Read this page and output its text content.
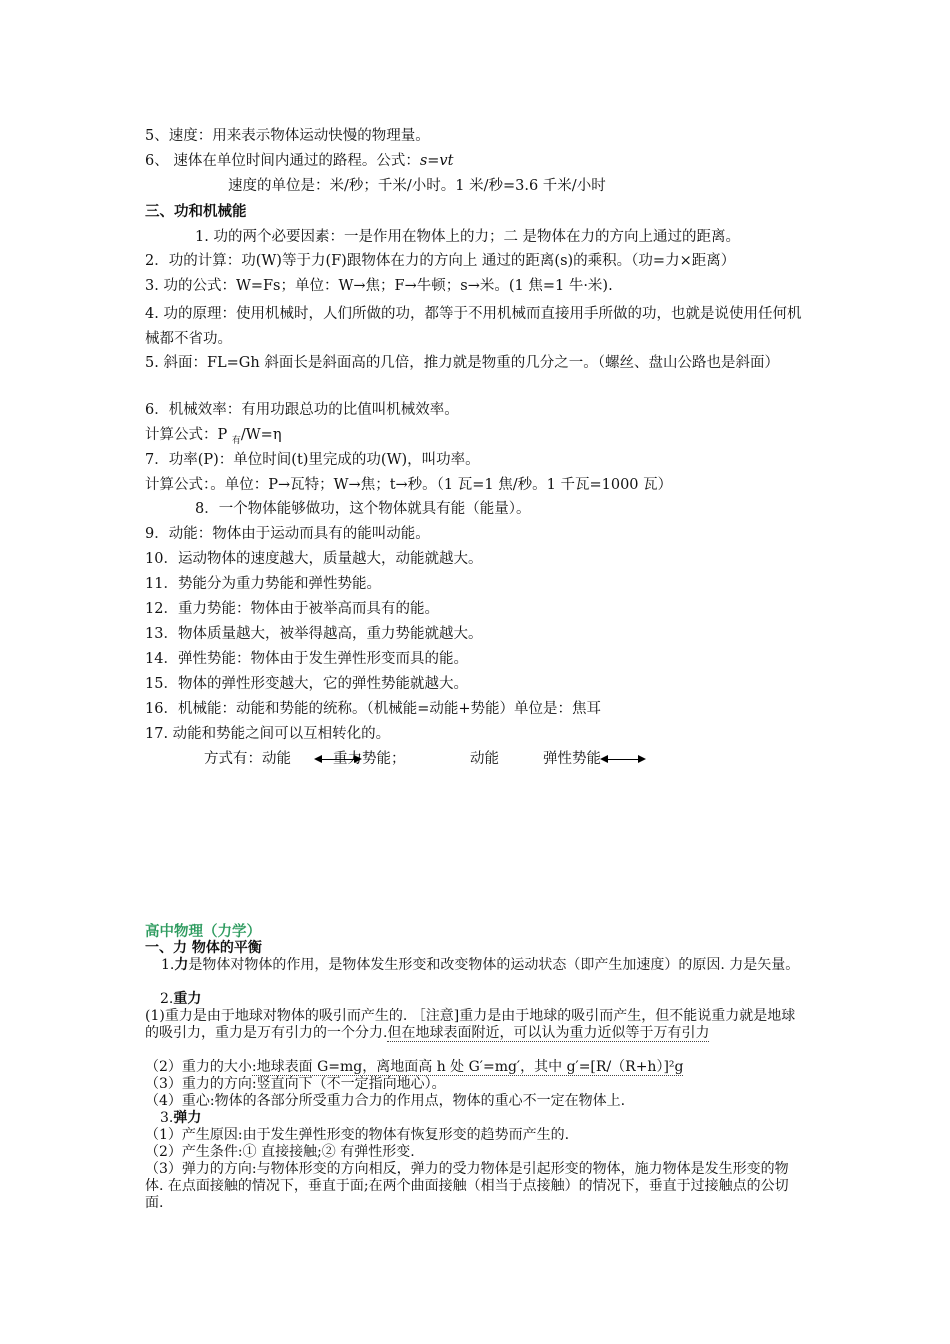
5、速度：用来表示物体运动快慢的物理量。
6、 速体在单位时间内通过的路程。公式：s=vt
速度的单位是：米/秒；千米/小时。1 米/秒=3.6 千米/小时
三、功和机械能
1. 功的两个必要因素：一是作用在物体上的力；二 是物体在力的方向上通过的距离。
2．功的计算：功(W)等于力(F)跟物体在力的方向上 通过的距离(s)的乘积。（功=力×距离）
3. 功的公式：W=Fs；单位：W→焦；F→牛顿；s→米。(1 焦=1 牛·米).
4. 功的原理：使用机械时，人们所做的功，都等于不用机械而直接用手所做的功，也就是说使用任何机械都不省功。
5. 斜面：FL=Gh 斜面长是斜面高的几倍，推力就是物重的几分之一。（螺丝、盘山公路也是斜面）
6．机械效率：有用功跟总功的比值叫机械效率。
计算公式：P $_有$/W=η
7．功率(P)：单位时间(t)里完成的功(W)，叫功率。
计算公式：。单位：P→瓦特；W→焦；t→秒。（1 瓦=1 焦/秒。1 千瓦=1000 瓦）
8．一个物体能够做功，这个物体就具有能（能量）。
9．动能：物体由于运动而具有的能叫动能。
10．运动物体的速度越大，质量越大，动能就越大。
11．势能分为重力势能和弹性势能。
12．重力势能：物体由于被举高而具有的能。
13．物体质量越大，被举得越高，重力势能就越大。
14．弹性势能：物体由于发生弹性形变而具的能。
15．物体的弹性形变越大，它的弹性势能就越大。
16．机械能：动能和势能的统称。（机械能=动能+势能）单位是：焦耳
17. 动能和势能之间可以互相转化的。
方式有：动能	重力势能；	动能	弹性势能
高中物理（力学）
一、力 物体的平衡
1.力是物体对物体的作用，是物体发生形变和改变物体的运动状态（即产生加速度）的原因. 力是矢量。
2.重力
(1)重力是由于地球对物体的吸引而产生的. ［注意]重力是由于地球的吸引而产生，但不能说重力就是地球的吸引力，重力是万有引力的一个分力.但在地球表面附近，可以认为重力近似等于万有引力
（2）重力的大小:地球表面 G=mg，离地面高 h 处 G′=mg′，其中 g′=[R/（R+h）]²g
（3）重力的方向:竖直向下（不一定指向地心）。
（4）重心:物体的各部分所受重力合力的作用点，物体的重心不一定在物体上.
3.弹力
（1）产生原因:由于发生弹性形变的物体有恢复形变的趋势而产生的.
（2）产生条件:① 直接接触;② 有弹性形变.
（3）弹力的方向:与物体形变的方向相反，弹力的受力物体是引起形变的物体，施力物体是发生形变的物体. 在点面接触的情况下，垂直于面;在两个曲面接触（相当于点接触）的情况下，垂直于过接触点的公切面.
